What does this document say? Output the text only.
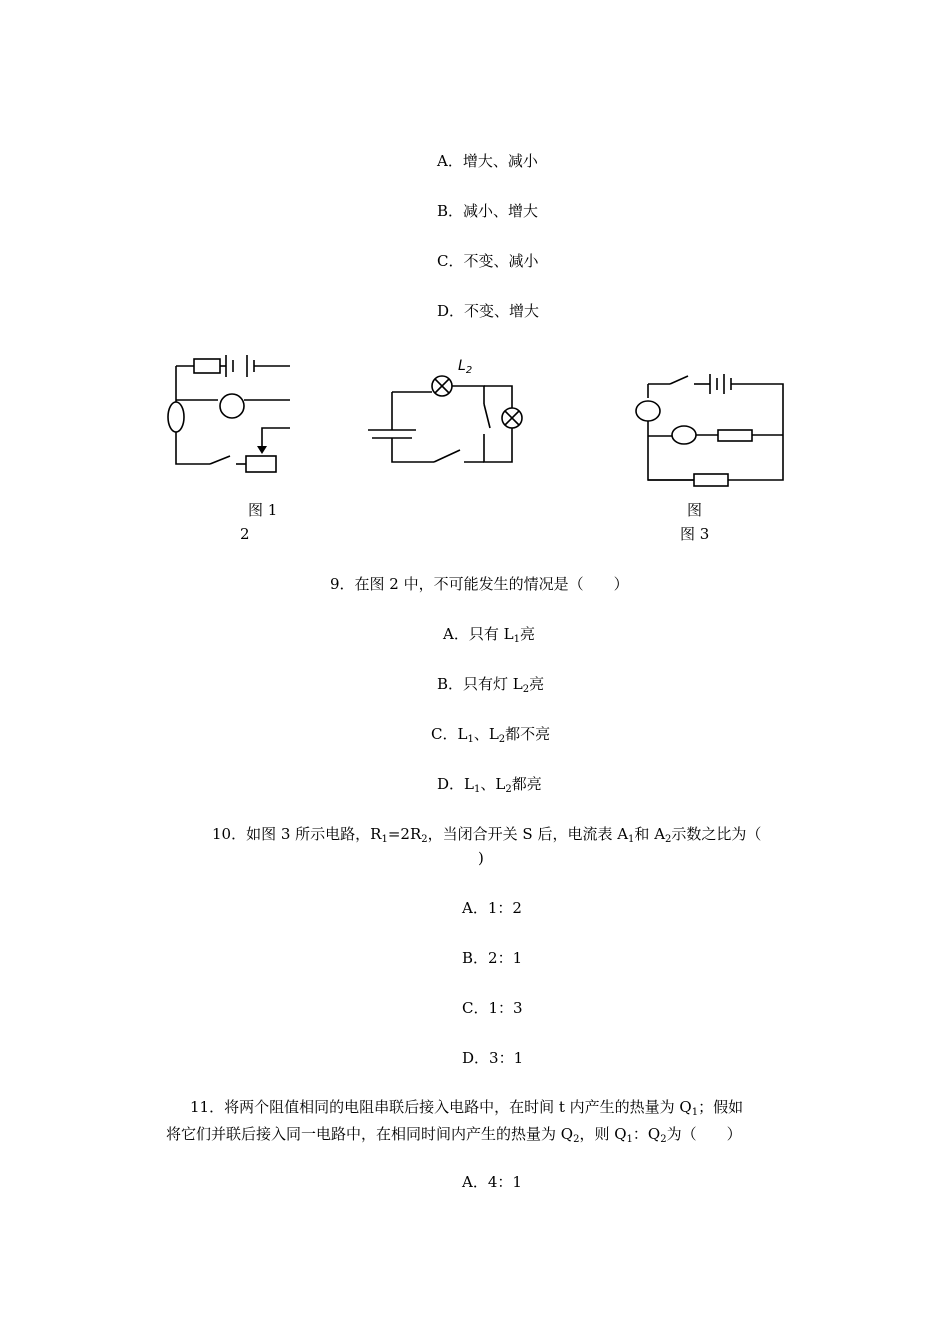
A．增大、减小
B．减小、增大
C．不变、减小
D．不变、增大
图 1
$L_2$
2
图
图 3
9．在图 2 中，不可能发生的情况是（　　）
A．只有 $L_1$亮
B．只有灯 $L_2$亮
C．$L_1$、$L_2$都不亮
D．$L_1$、$L_2$都亮
10．如图 3 所示电路，$R_1=2R_2$，当闭合开关 S 后，电流表 $A_1$和 $A_2$示数之比为（
)
A．1：2
B．2：1
C．1：3
D．3：1
11．将两个阻值相同的电阻串联后接入电路中，在时间 t 内产生的热量为 $Q_1$；假如
将它们并联后接入同一电路中，在相同时间内产生的热量为 $Q_2$，则 $Q_1$：$Q_2$为（　　）
A．4：1
